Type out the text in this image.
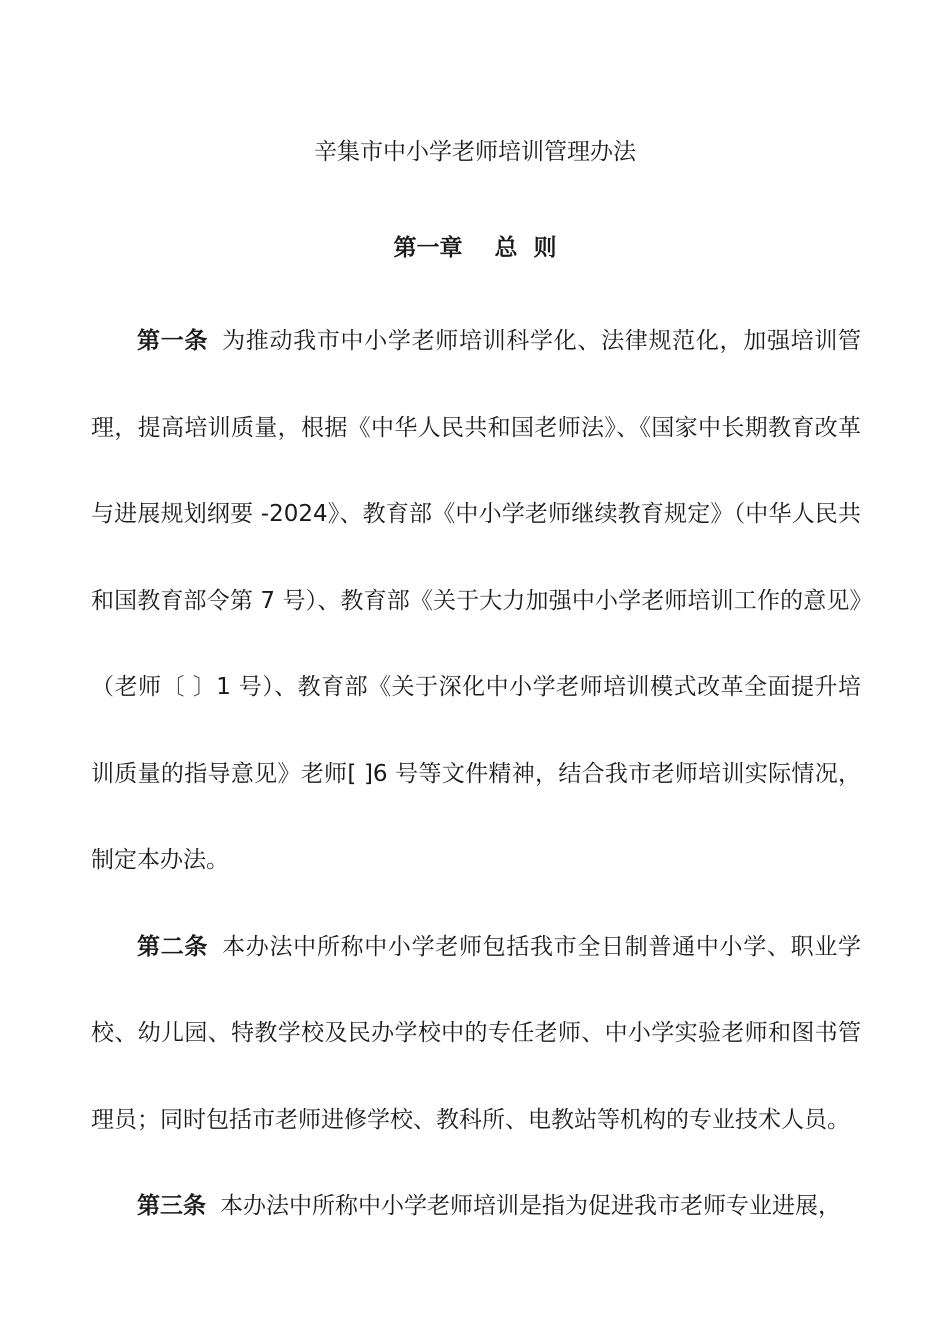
辛集市中小学老师培训管理办法
第一章    总  则

第一条 为推动我市中小学老师培训科学化、法律规范化，加强培训管理，提高培训质量，根据《中华人民共和国老师法》、《国家中长期教育改革与进展规划纲要 -2024》、教育部《中小学老师继续教育规定》（中华人民共和国教育部令第 7 号）、教育部《关于大力加强中小学老师培训工作的意见》（老师〔 〕1 号）、教育部《关于深化中小学老师培训模式改革全面提升培训质量的指导意见》老师[ ]6 号等文件精神，结合我市老师培训实际情况，制定本办法。

第二条 本办法中所称中小学老师包括我市全日制普通中小学、职业学校、幼儿园、特教学校及民办学校中的专任老师、中小学实验老师和图书管理员；同时包括市老师进修学校、教科所、电教站等机构的专业技术人员。

第三条 本办法中所称中小学老师培训是指为促进我市老师专业进展，
